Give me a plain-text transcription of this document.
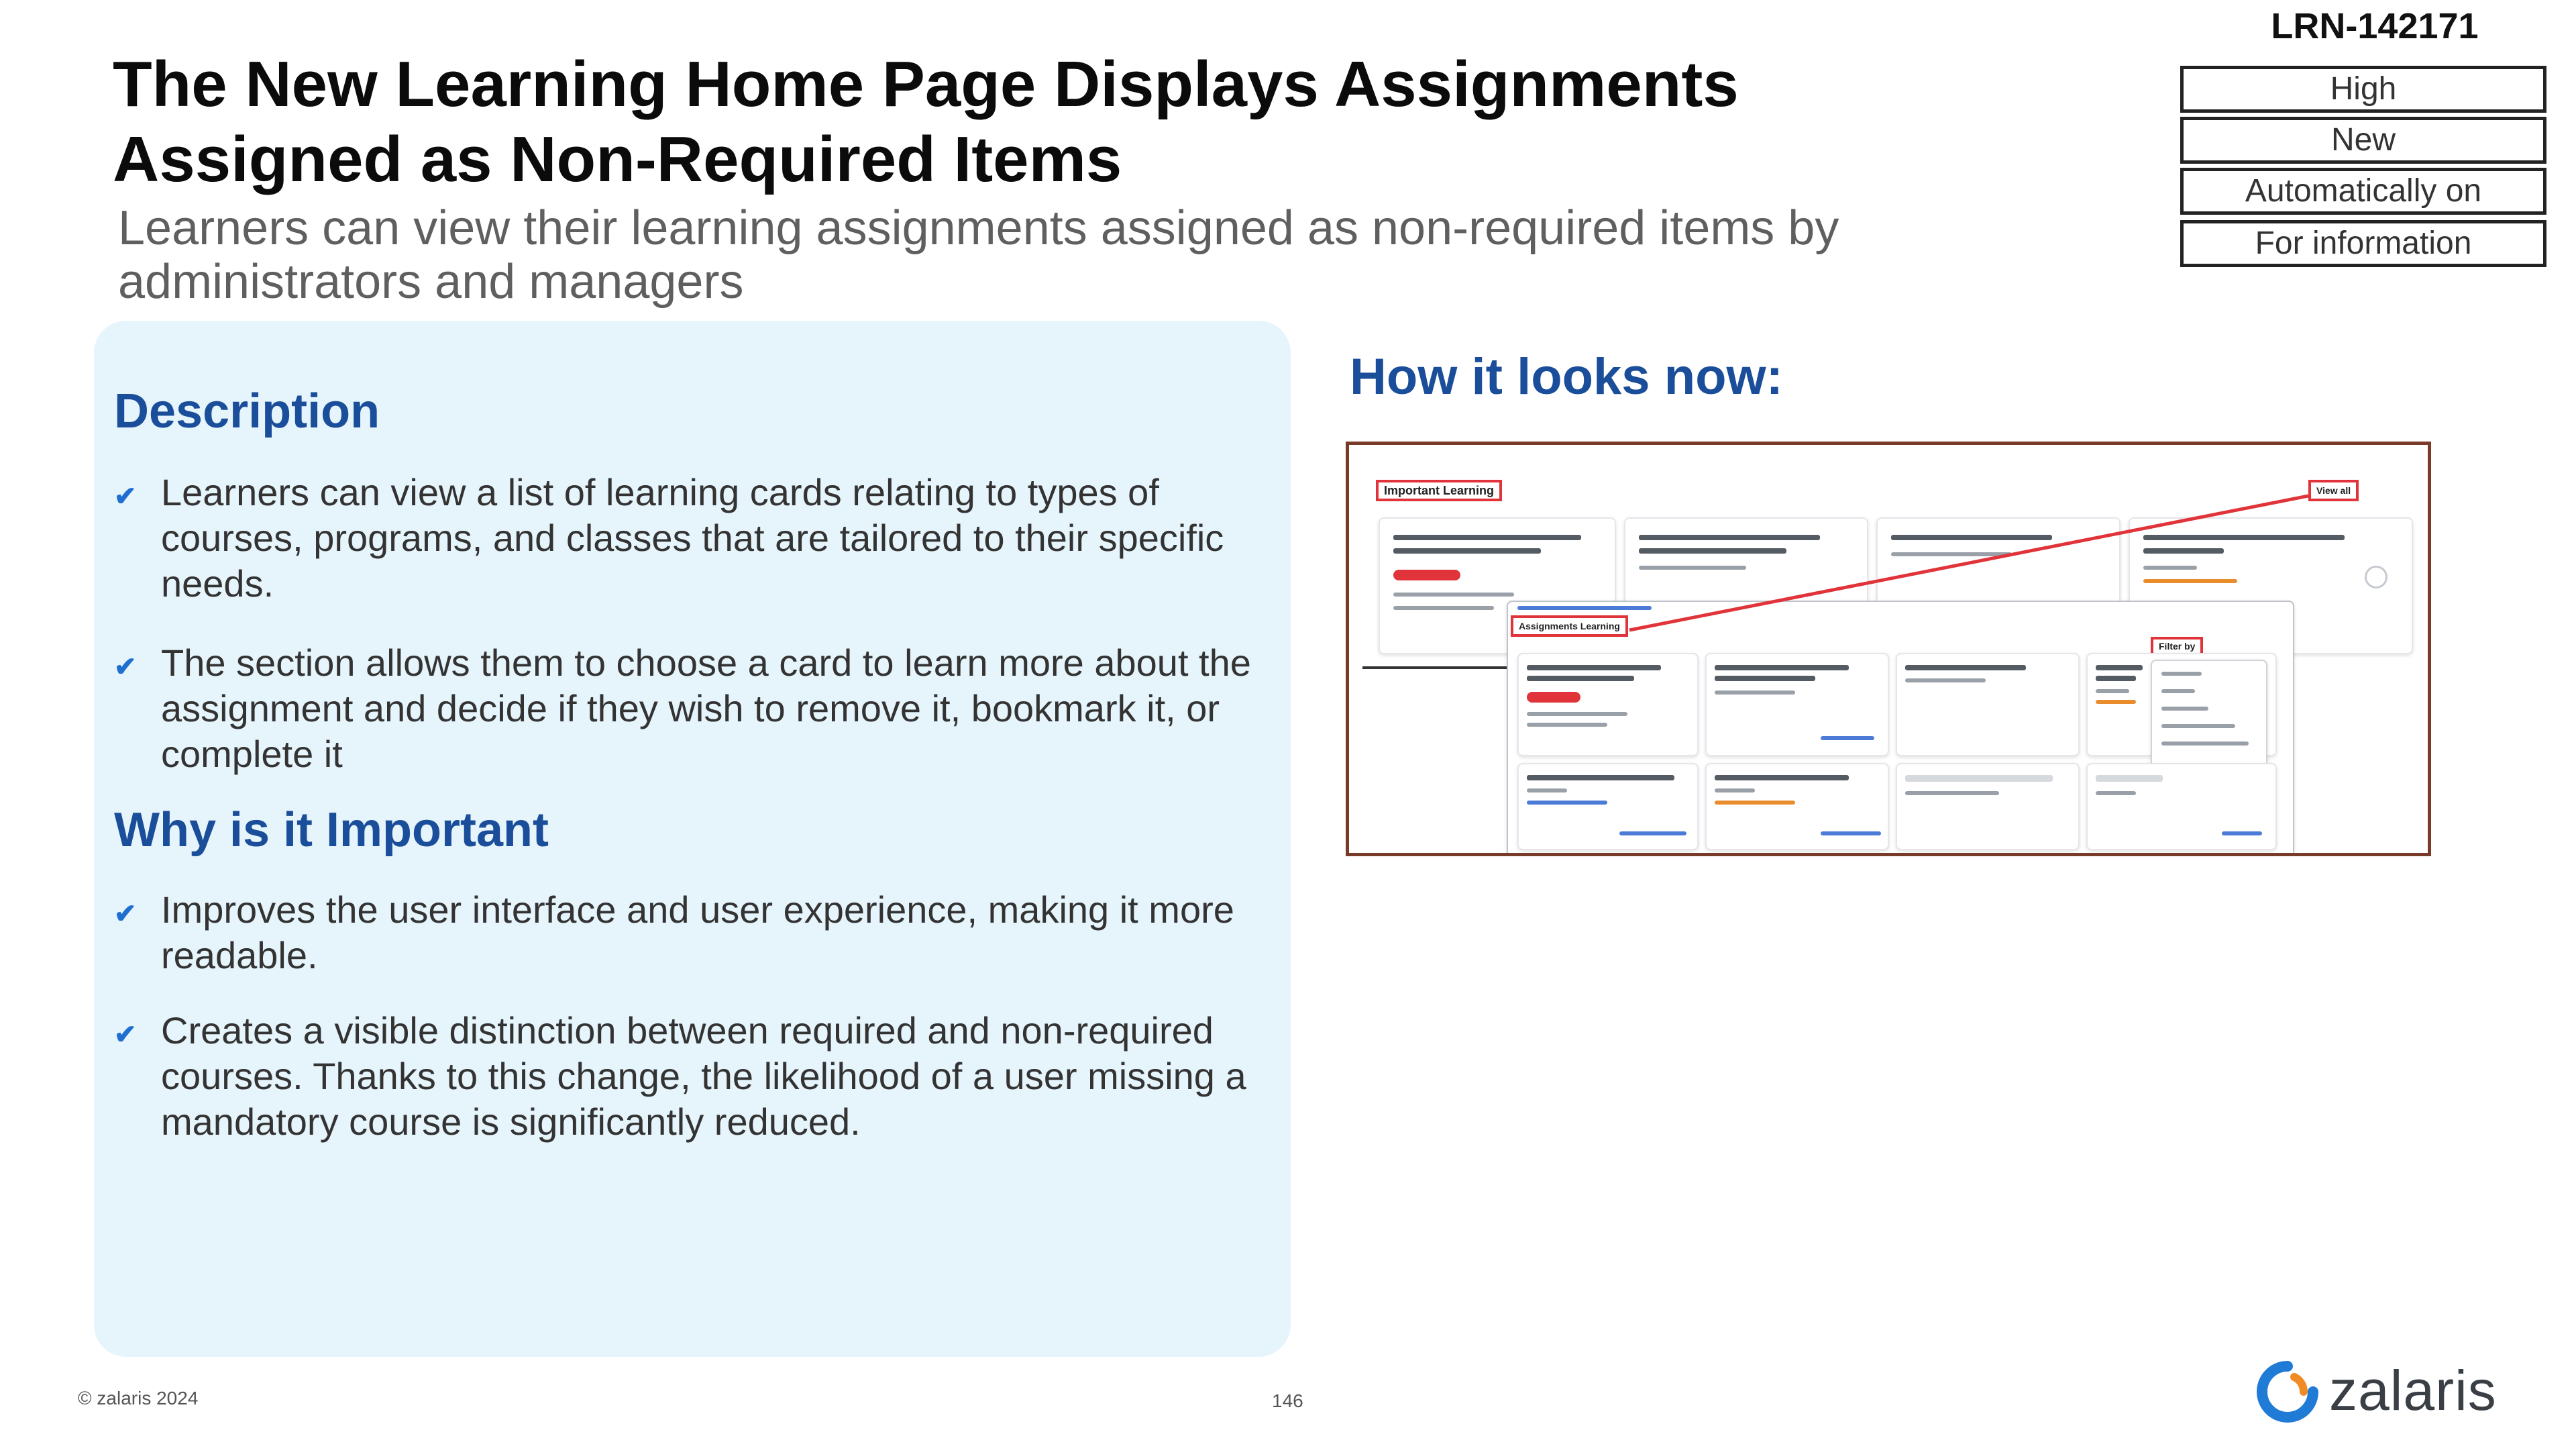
LRN-142171
High
New
Automatically on
For information
The New Learning Home Page Displays Assignments
Assigned as Non-Required Items

Learners can view their learning assignments assigned as non-required items by
administrators and managers

Description
✔ Learners can view a list of learning cards relating to types of courses, programs, and classes that are tailored to their specific needs.
✔ The section allows them to choose a card to learn more about the assignment and decide if they wish to remove it, bookmark it, or complete it
Why is it Important
✔ Improves the user interface and user experience, making it more readable.
✔ Creates a visible distinction between required and non-required courses. Thanks to this change, the likelihood of a user missing a mandatory course is significantly reduced.
How it looks now:
Important Learning	View all
Assignments Learning
Filter by
© zalaris 2024	146	zalaris
